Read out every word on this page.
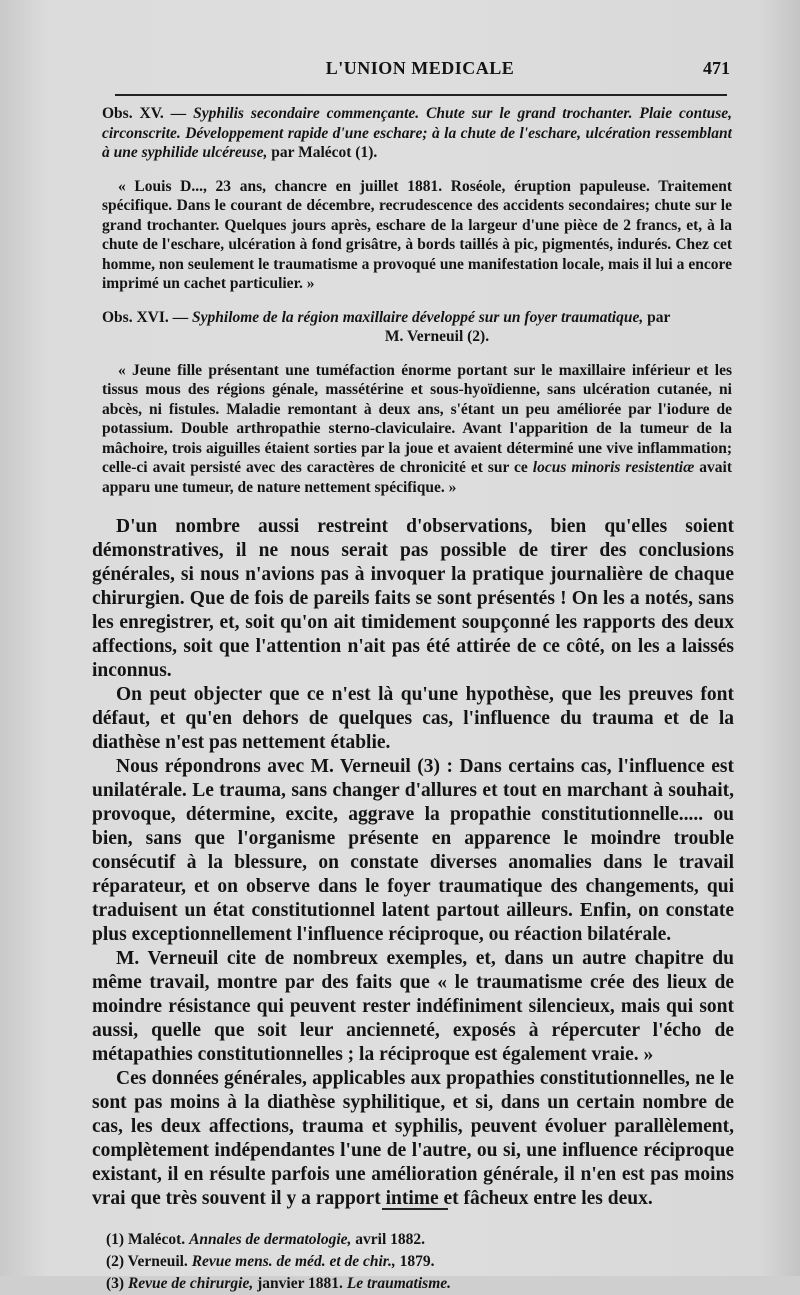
L'UNION MEDICALE	471

Obs. XV. — Syphilis secondaire commençante. Chute sur le grand trochanter. Plaie contuse, circonscrite. Développement rapide d'une eschare; à la chute de l'eschare, ulcération ressemblant à une syphilide ulcéreuse, par Malécot (1).

« Louis D..., 23 ans, chancre en juillet 1881. Roséole, éruption papuleuse. Traitement spécifique. Dans le courant de décembre, recrudescence des accidents secondaires; chute sur le grand trochanter. Quelques jours après, eschare de la largeur d'une pièce de 2 francs, et, à la chute de l'eschare, ulcération à fond grisâtre, à bords taillés à pic, pigmentés, indurés. Chez cet homme, non seulement le traumatisme a provoqué une manifestation locale, mais il lui a encore imprimé un cachet particulier. »

Obs. XVI. — Syphilome de la région maxillaire développé sur un foyer traumatique, par
M. Verneuil (2).

« Jeune fille présentant une tuméfaction énorme portant sur le maxillaire inférieur et les tissus mous des régions génale, massétérine et sous-hyoïdienne, sans ulcération cutanée, ni abcès, ni fistules. Maladie remontant à deux ans, s'étant un peu améliorée par l'iodure de potassium. Double arthropathie sterno-claviculaire. Avant l'apparition de la tumeur de la mâchoire, trois aiguilles étaient sorties par la joue et avaient déterminé une vive inflammation; celle-ci avait persisté avec des caractères de chronicité et sur ce locus minoris resistentiæ avait apparu une tumeur, de nature nettement spécifique. »

D'un nombre aussi restreint d'observations, bien qu'elles soient démonstratives, il ne nous serait pas possible de tirer des conclusions générales, si nous n'avions pas à invoquer la pratique journalière de chaque chirurgien. Que de fois de pareils faits se sont présentés ! On les a notés, sans les enregistrer, et, soit qu'on ait timidement soupçonné les rapports des deux affections, soit que l'attention n'ait pas été attirée de ce côté, on les a laissés inconnus.

On peut objecter que ce n'est là qu'une hypothèse, que les preuves font défaut, et qu'en dehors de quelques cas, l'influence du trauma et de la diathèse n'est pas nettement établie.

Nous répondrons avec M. Verneuil (3) : Dans certains cas, l'influence est unilatérale. Le trauma, sans changer d'allures et tout en marchant à souhait, provoque, détermine, excite, aggrave la propathie constitutionnelle..... ou bien, sans que l'organisme présente en apparence le moindre trouble consécutif à la blessure, on constate diverses anomalies dans le travail réparateur, et on observe dans le foyer traumatique des changements, qui traduisent un état constitutionnel latent partout ailleurs. Enfin, on constate plus exceptionnellement l'influence réciproque, ou réaction bilatérale.

M. Verneuil cite de nombreux exemples, et, dans un autre chapitre du même travail, montre par des faits que « le traumatisme crée des lieux de moindre résistance qui peuvent rester indéfiniment silencieux, mais qui sont aussi, quelle que soit leur ancienneté, exposés à répercuter l'écho de métapathies constitutionnelles ; la réciproque est également vraie. »

Ces données générales, applicables aux propathies constitutionnelles, ne le sont pas moins à la diathèse syphilitique, et si, dans un certain nombre de cas, les deux affections, trauma et syphilis, peuvent évoluer parallèlement, complètement indépendantes l'une de l'autre, ou si, une influence réciproque existant, il en résulte parfois une amélioration générale, il n'en est pas moins vrai que très souvent il y a rapport intime et fâcheux entre les deux.

(1) Malécot. Annales de dermatologie, avril 1882.
(2) Verneuil. Revue mens. de méd. et de chir., 1879.
(3) Revue de chirurgie, janvier 1881. Le traumatisme.
